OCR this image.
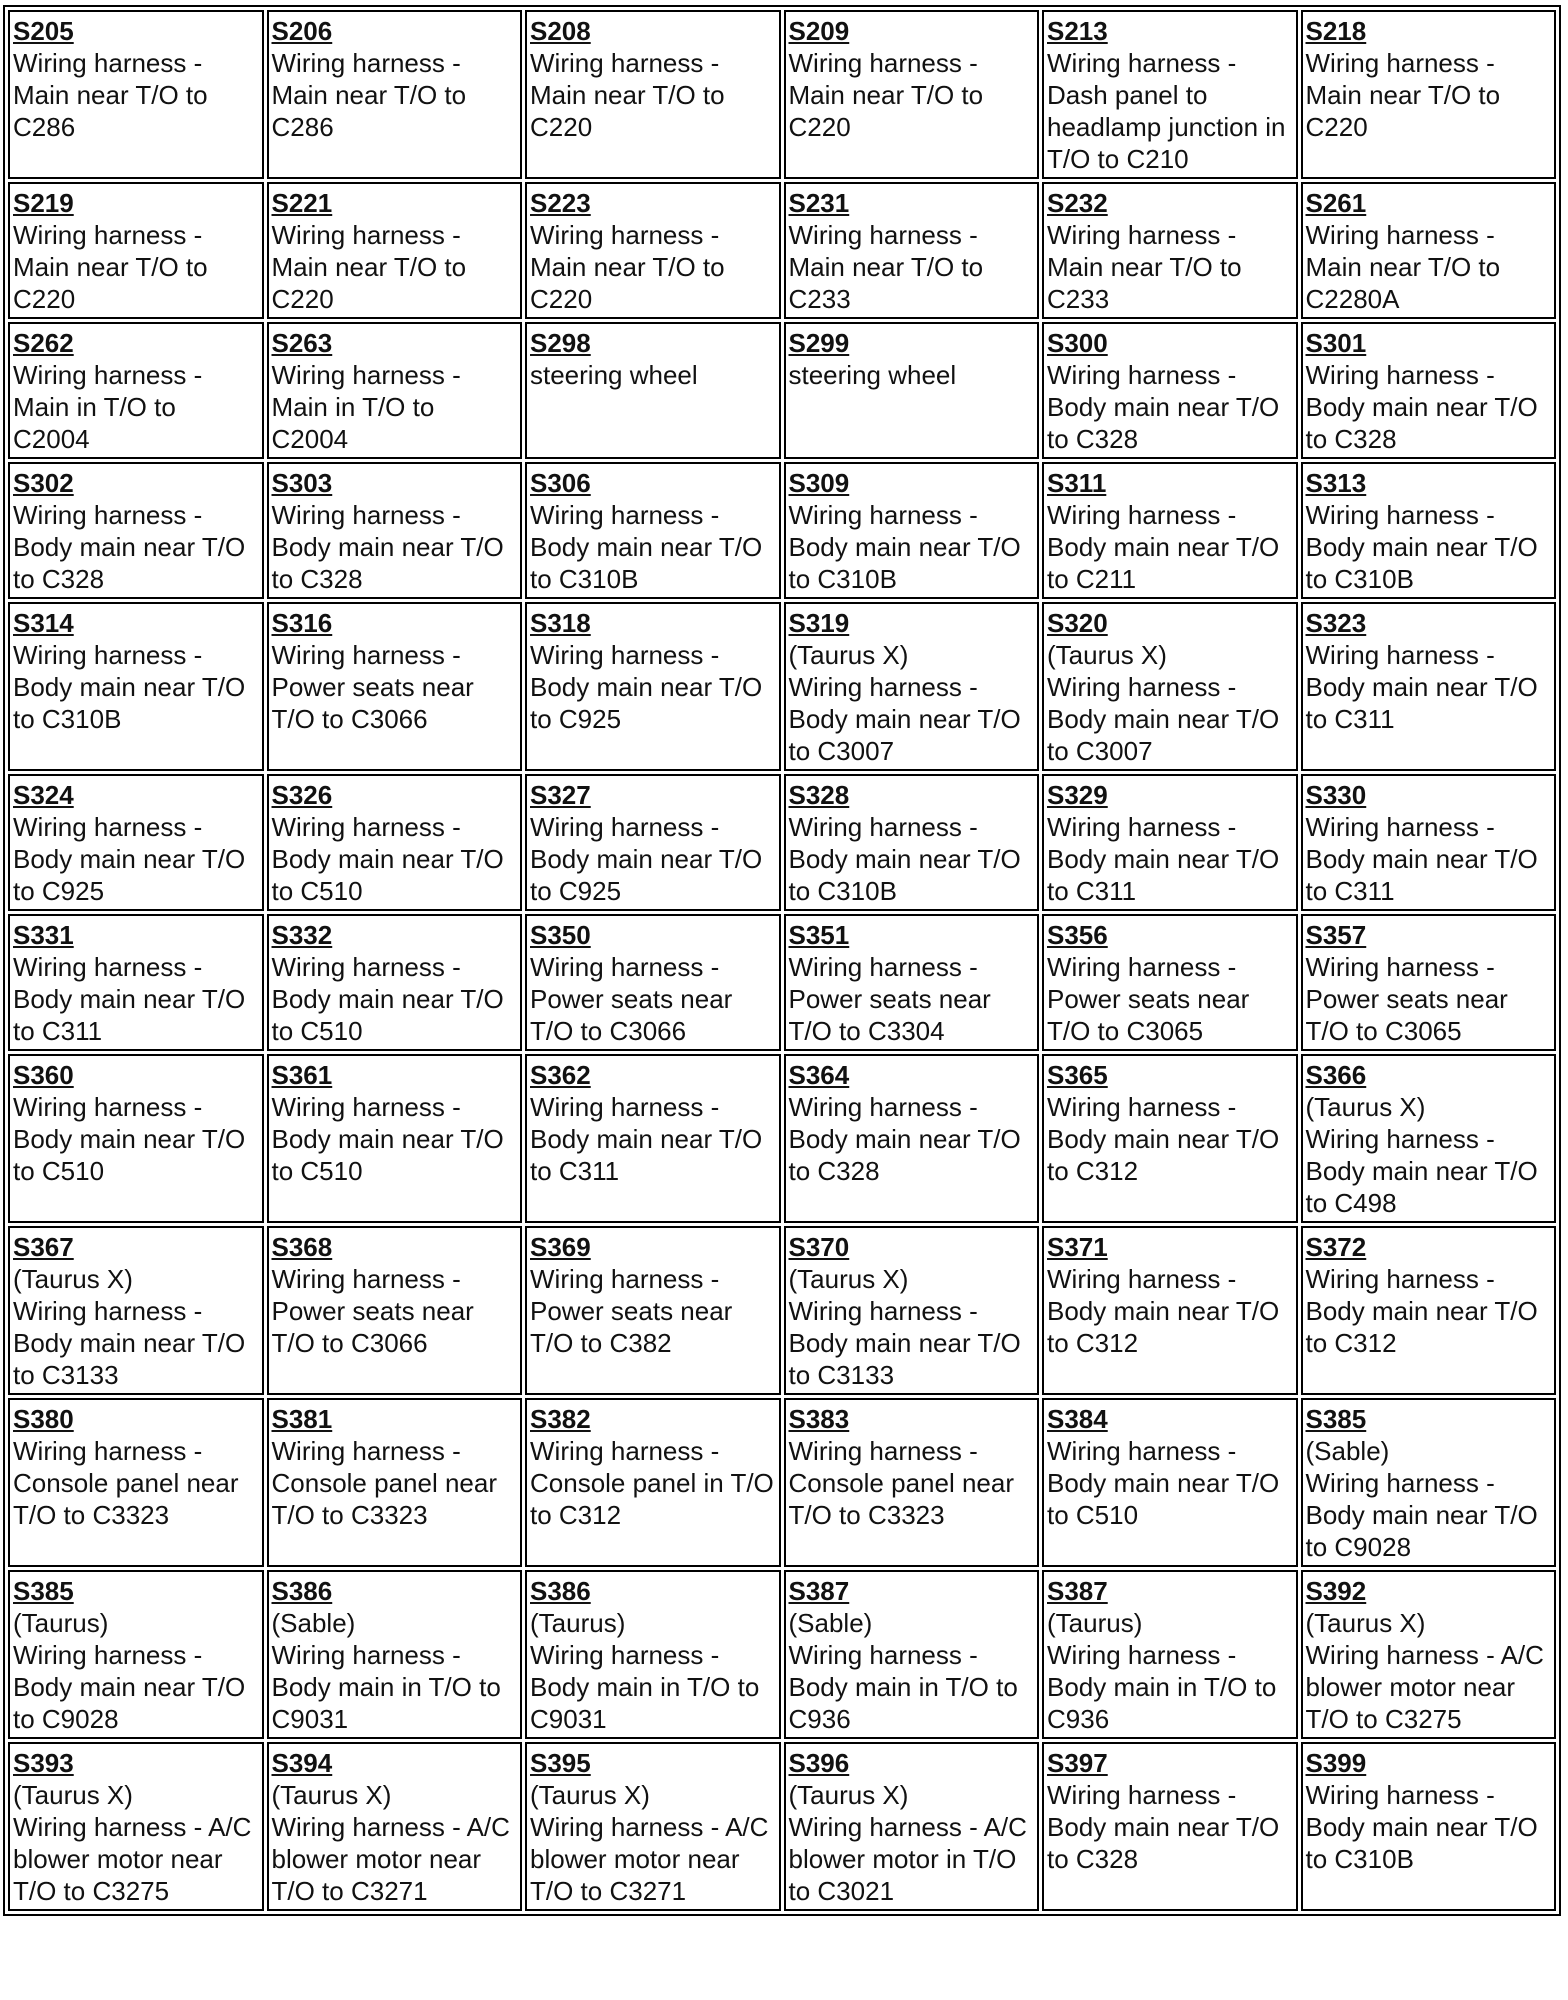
S205
Wiring harness - Main near T/O to C286	S206
Wiring harness - Main near T/O to C286	S208
Wiring harness - Main near T/O to C220	S209
Wiring harness - Main near T/O to C220	S213
Wiring harness - Dash panel to headlamp junction in T/O to C210	S218
Wiring harness - Main near T/O to C220

S219
Wiring harness - Main near T/O to C220	S221
Wiring harness - Main near T/O to C220	S223
Wiring harness - Main near T/O to C220	S231
Wiring harness - Main near T/O to C233	S232
Wiring harness - Main near T/O to C233	S261
Wiring harness - Main near T/O to C2280A

S262
Wiring harness - Main in T/O to C2004	S263
Wiring harness - Main in T/O to C2004	S298
steering wheel	S299
steering wheel	S300
Wiring harness - Body main near T/O to C328	S301
Wiring harness - Body main near T/O to C328

S302
Wiring harness - Body main near T/O to C328	S303
Wiring harness - Body main near T/O to C328	S306
Wiring harness - Body main near T/O to C310B	S309
Wiring harness - Body main near T/O to C310B	S311
Wiring harness - Body main near T/O to C211	S313
Wiring harness - Body main near T/O to C310B

S314
Wiring harness - Body main near T/O to C310B	S316
Wiring harness - Power seats near T/O to C3066	S318
Wiring harness - Body main near T/O to C925	S319
(Taurus X)
Wiring harness - Body main near T/O to C3007	S320
(Taurus X)
Wiring harness - Body main near T/O to C3007	S323
Wiring harness - Body main near T/O to C311

S324
Wiring harness - Body main near T/O to C925	S326
Wiring harness - Body main near T/O to C510	S327
Wiring harness - Body main near T/O to C925	S328
Wiring harness - Body main near T/O to C310B	S329
Wiring harness - Body main near T/O to C311	S330
Wiring harness - Body main near T/O to C311

S331
Wiring harness - Body main near T/O to C311	S332
Wiring harness - Body main near T/O to C510	S350
Wiring harness - Power seats near T/O to C3066	S351
Wiring harness - Power seats near T/O to C3304	S356
Wiring harness - Power seats near T/O to C3065	S357
Wiring harness - Power seats near T/O to C3065

S360
Wiring harness - Body main near T/O to C510	S361
Wiring harness - Body main near T/O to C510	S362
Wiring harness - Body main near T/O to C311	S364
Wiring harness - Body main near T/O to C328	S365
Wiring harness - Body main near T/O to C312	S366
(Taurus X)
Wiring harness - Body main near T/O to C498

S367
(Taurus X)
Wiring harness - Body main near T/O to C3133	S368
Wiring harness - Power seats near T/O to C3066	S369
Wiring harness - Power seats near T/O to C382	S370
(Taurus X)
Wiring harness - Body main near T/O to C3133	S371
Wiring harness - Body main near T/O to C312	S372
Wiring harness - Body main near T/O to C312

S380
Wiring harness - Console panel near T/O to C3323	S381
Wiring harness - Console panel near T/O to C3323	S382
Wiring harness - Console panel in T/O to C312	S383
Wiring harness - Console panel near T/O to C3323	S384
Wiring harness - Body main near T/O to C510	S385
(Sable)
Wiring harness - Body main near T/O to C9028

S385
(Taurus)
Wiring harness - Body main near T/O to C9028	S386
(Sable)
Wiring harness - Body main in T/O to C9031	S386
(Taurus)
Wiring harness - Body main in T/O to C9031	S387
(Sable)
Wiring harness - Body main in T/O to C936	S387
(Taurus)
Wiring harness - Body main in T/O to C936	S392
(Taurus X)
Wiring harness - A/C blower motor near T/O to C3275

S393
(Taurus X)
Wiring harness - A/C blower motor near T/O to C3275	S394
(Taurus X)
Wiring harness - A/C blower motor near T/O to C3271	S395
(Taurus X)
Wiring harness - A/C blower motor near T/O to C3271	S396
(Taurus X)
Wiring harness - A/C blower motor in T/O to C3021	S397
Wiring harness - Body main near T/O to C328	S399
Wiring harness - Body main near T/O to C310B
